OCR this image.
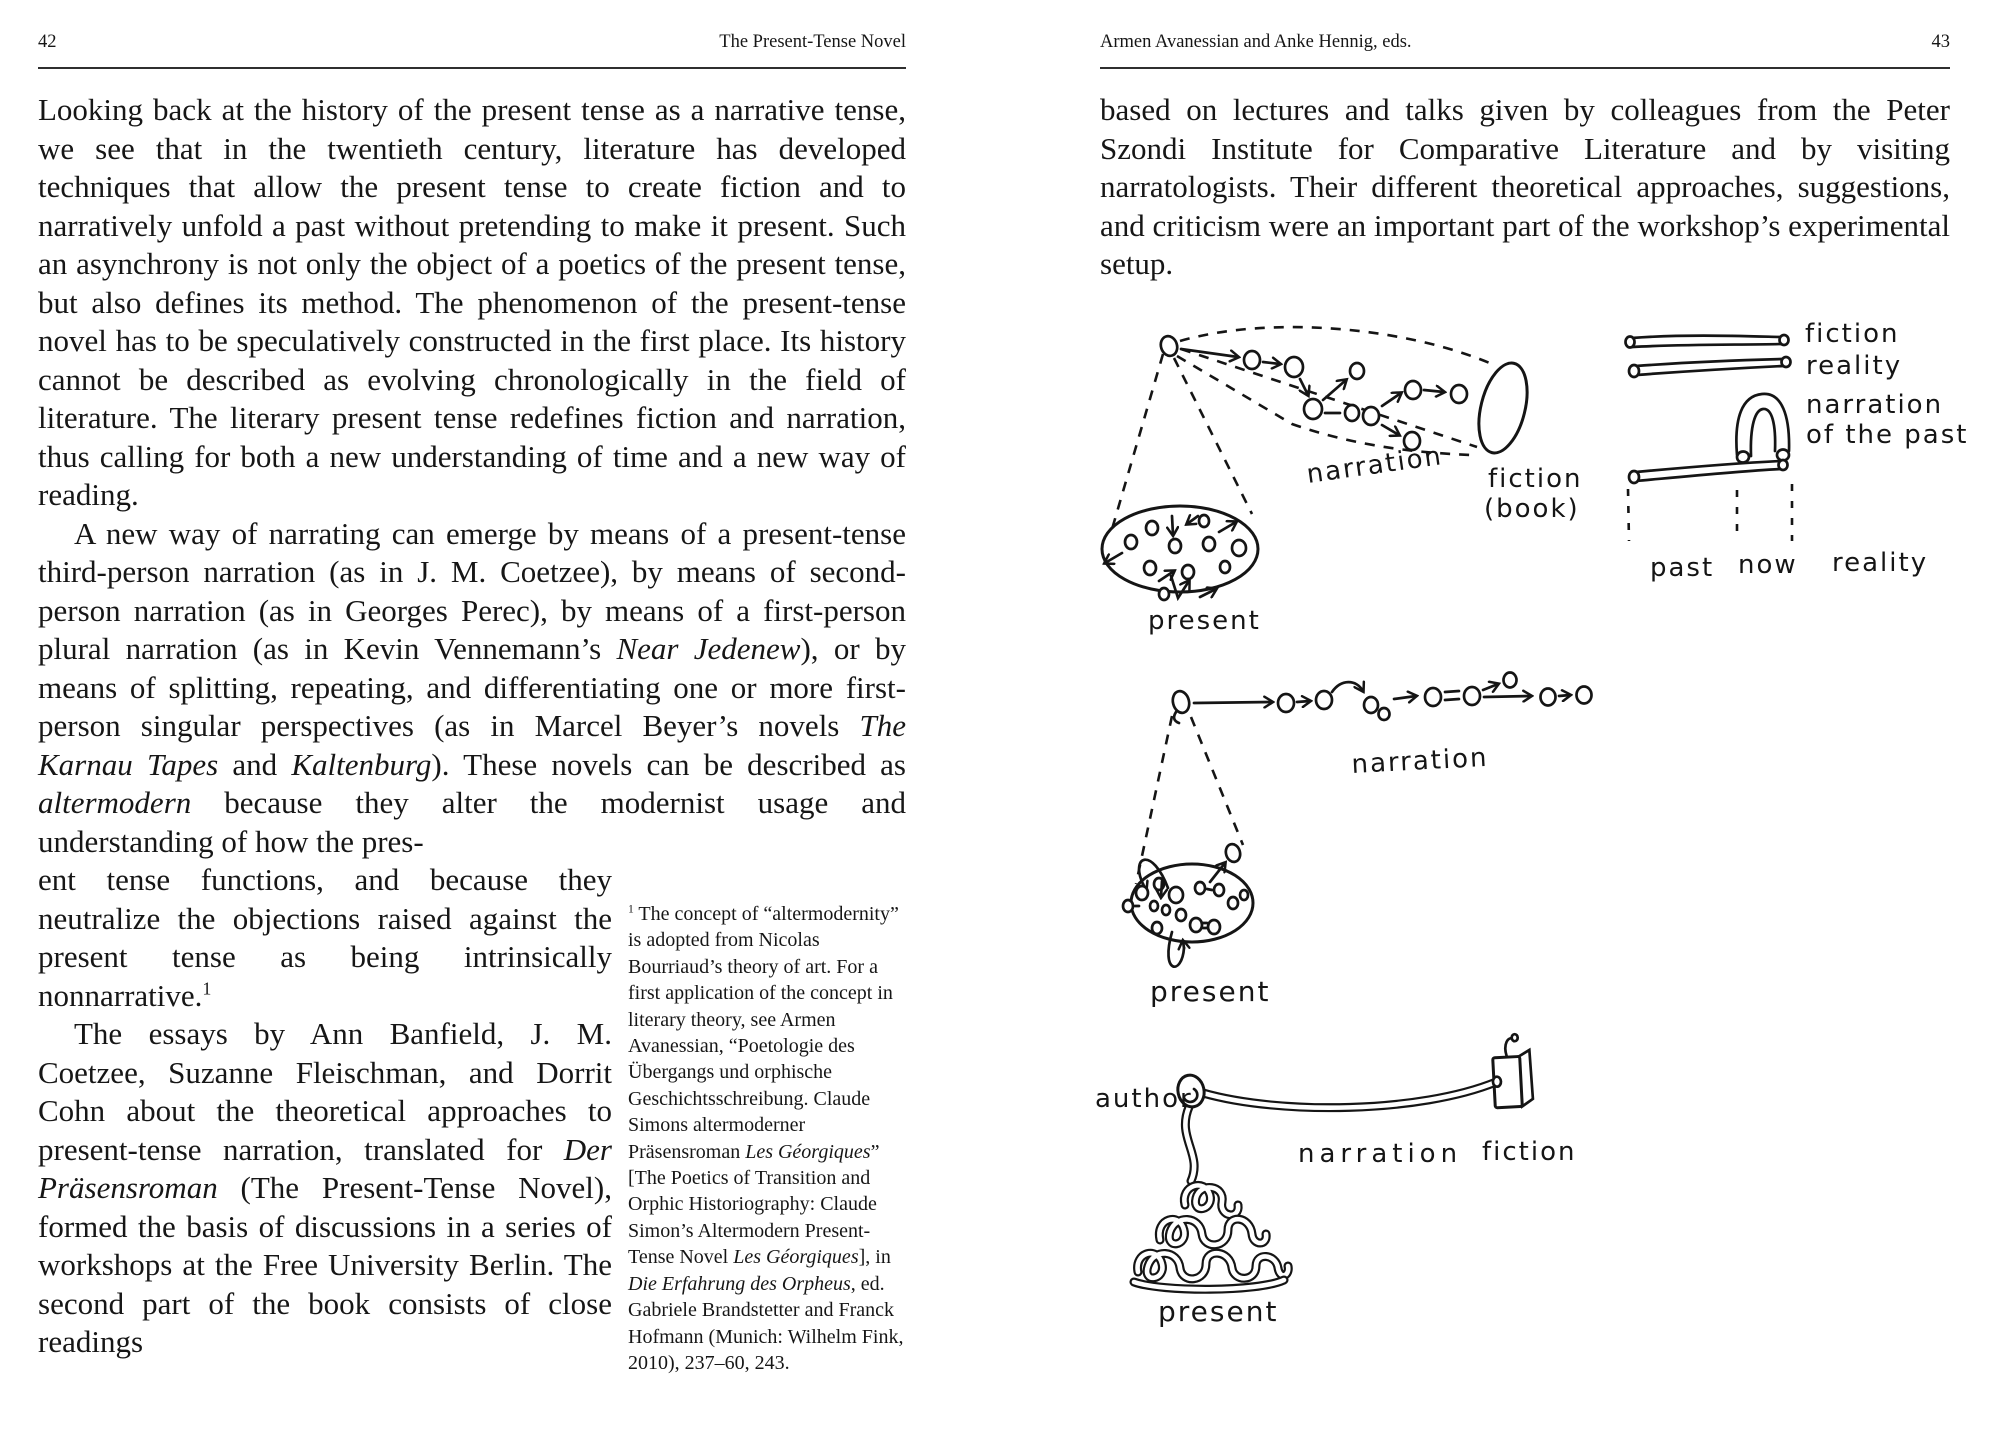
42	The Present-Tense Novel

Looking back at the history of the present tense as a narrative tense, we see that in the twentieth century, literature has developed techniques that allow the present tense to create fiction and to narratively unfold a past without pretending to make it present. Such an asynchrony is not only the object of a poetics of the present tense, but also defines its method. The phenomenon of the present-tense novel has to be speculatively constructed in the first place. Its history cannot be described as evolving chronologically in the field of literature. The literary present tense redefines fiction and narration, thus calling for both a new understanding of time and a new way of reading.

A new way of narrating can emerge by means of a present-tense third-person narration (as in J. M. Coetzee), by means of second-person narration (as in Georges Perec), by means of a first-person plural narration (as in Kevin Vennemann’s Near Jedenew), or by means of splitting, repeating, and differentiating one or more first-person singular perspectives (as in Marcel Beyer’s novels The Karnau Tapes and Kaltenburg). These novels can be described as altermodern because they alter the modernist usage and understanding of how the pres-

ent tense functions, and because they neutralize the objections raised against the present tense as being intrinsically nonnarrative.$^1$

The essays by Ann Banfield, J. M. Coetzee, Suzanne Fleischman, and Dorrit Cohn about the theoretical approaches to present-tense narration, translated for Der Präsensroman (The Present-Tense Novel), formed the basis of discussions in a series of workshops at the Free University Berlin. The second part of the book consists of close readings

$^1$ The concept of “altermodernity” is adopted from Nicolas Bourriaud’s theory of art. For a first application of the concept in literary theory, see Armen Avanessian, “Poetologie des Übergangs und orphische Geschichtsschreibung. Claude Simons altermoderner Präsensroman Les Géorgiques” [The Poetics of Transition and Orphic Historiography: Claude Simon’s Altermodern Present-Tense Novel Les Géorgiques], in Die Erfahrung des Orpheus, ed. Gabriele Brandstetter and Franck Hofmann (Munich: Wilhelm Fink, 2010), 237–60, 243.
Armen Avanessian and Anke Hennig, eds.	43

based on lectures and talks given by colleagues from the Peter Szondi Institute for Comparative Literature and by visiting narratologists. Their different theoretical approaches, suggestions, and criticism were an important part of the workshop’s experimental setup.

narration fiction
(book)
present
fiction
reality
narration
of the past
past now reality
narration
present
author
narration fiction
present
